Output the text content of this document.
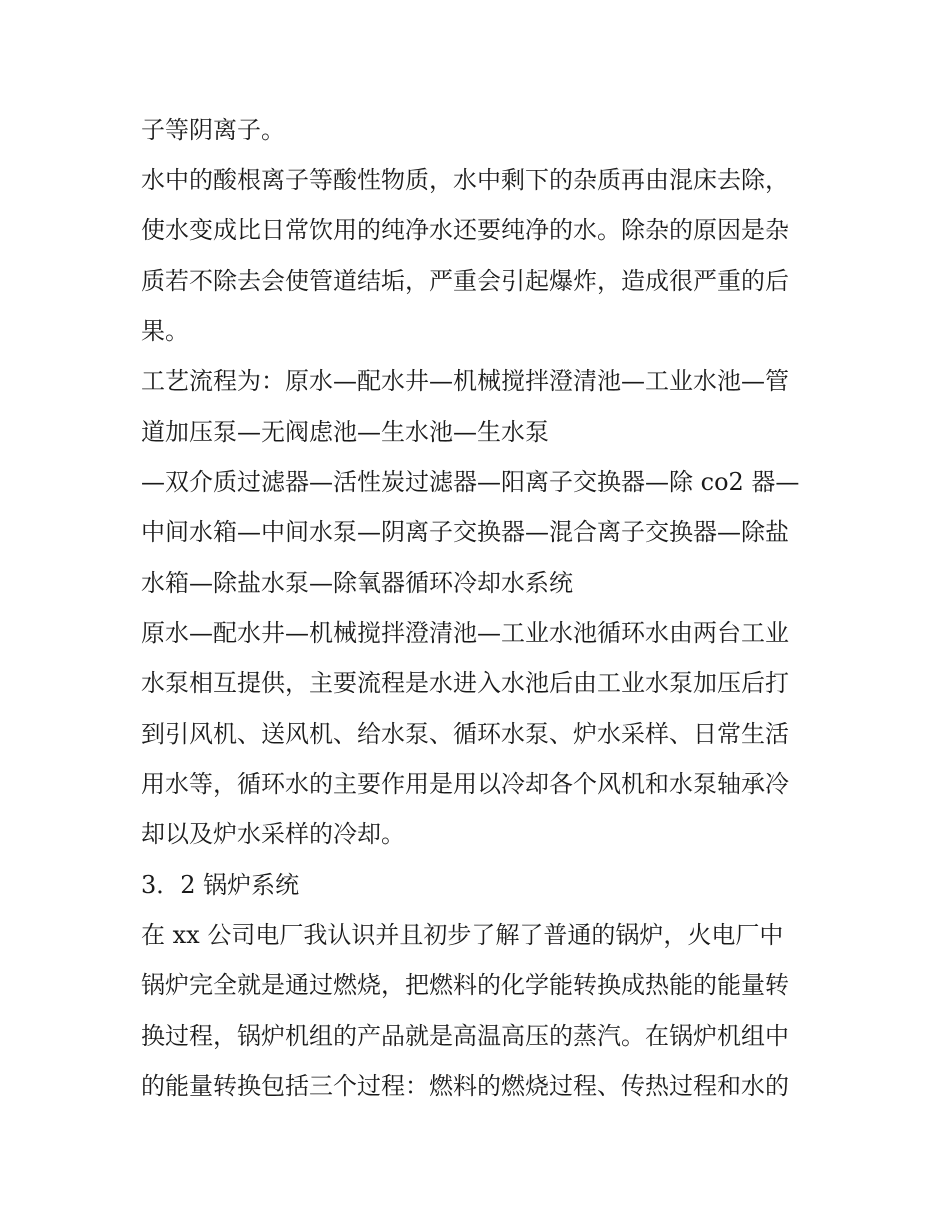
子等阴离子。

水中的酸根离子等酸性物质，水中剩下的杂质再由混床去除，

使水变成比日常饮用的纯净水还要纯净的水。除杂的原因是杂

质若不除去会使管道结垢，严重会引起爆炸，造成很严重的后

果。

工艺流程为：原水—配水井—机械搅拌澄清池—工业水池—管

道加压泵—无阀虑池—生水池—生水泵

—双介质过滤器—活性炭过滤器—阳离子交换器—除 co2 器—

中间水箱—中间水泵—阴离子交换器—混合离子交换器—除盐

水箱—除盐水泵—除氧器循环冷却水系统

原水—配水井—机械搅拌澄清池—工业水池循环水由两台工业

水泵相互提供，主要流程是水进入水池后由工业水泵加压后打

到引风机、送风机、给水泵、循环水泵、炉水采样、日常生活

用水等，循环水的主要作用是用以冷却各个风机和水泵轴承冷

却以及炉水采样的冷却。

3．2 锅炉系统

在 xx 公司电厂我认识并且初步了解了普通的锅炉，火电厂中

锅炉完全就是通过燃烧，把燃料的化学能转换成热能的能量转

换过程，锅炉机组的产品就是高温高压的蒸汽。在锅炉机组中

的能量转换包括三个过程：燃料的燃烧过程、传热过程和水的
